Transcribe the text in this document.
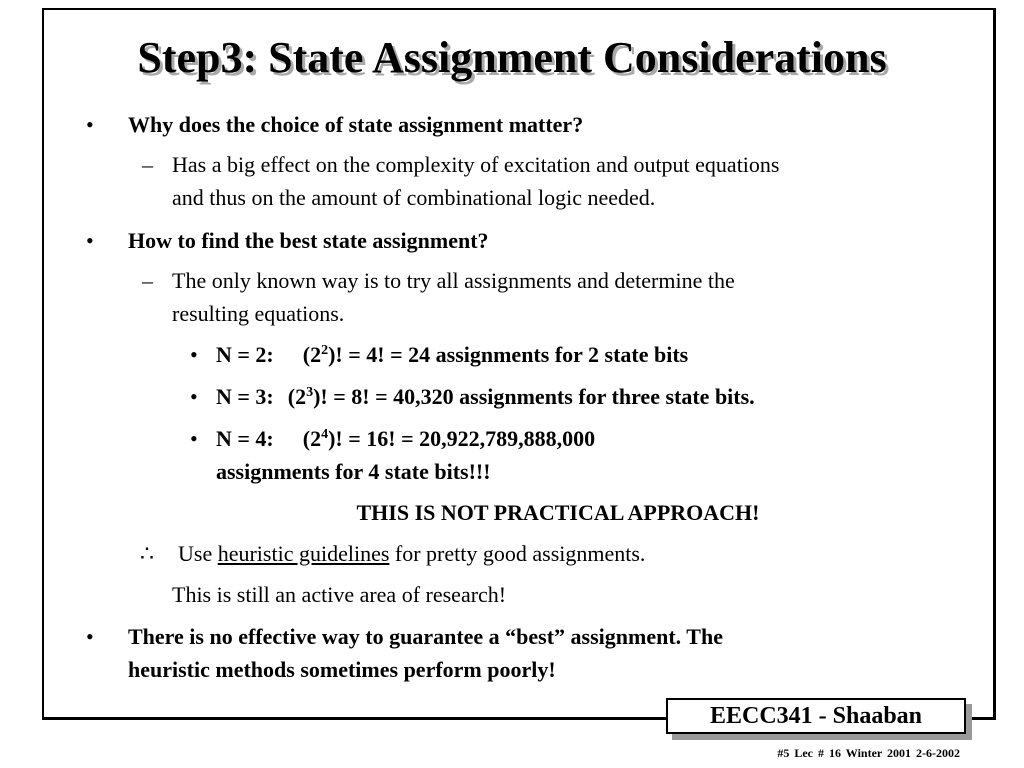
Step3: State Assignment Considerations
• Why does the choice of state assignment matter?
– Has a big effect on the complexity of excitation and output equations
and thus on the amount of combinational logic needed.
• How to find the best state assignment?
– The only known way is to try all assignments and determine the
resulting equations.
• N = 2: $(2^2)$! = 4! = 24 assignments for 2 state bits
• N = 3: $(2^3)$! = 8! = 40,320 assignments for three state bits.
• N = 4: $(2^4)$! = 16! = 20,922,789,888,000
assignments for 4 state bits!!!
THIS IS NOT PRACTICAL APPROACH!
∴ Use heuristic guidelines for pretty good assignments.
This is still an active area of research!
• There is no effective way to guarantee a “best” assignment. The
heuristic methods sometimes perform poorly!
EECC341 - Shaaban
#5 Lec # 16 Winter 2001 2-6-2002
